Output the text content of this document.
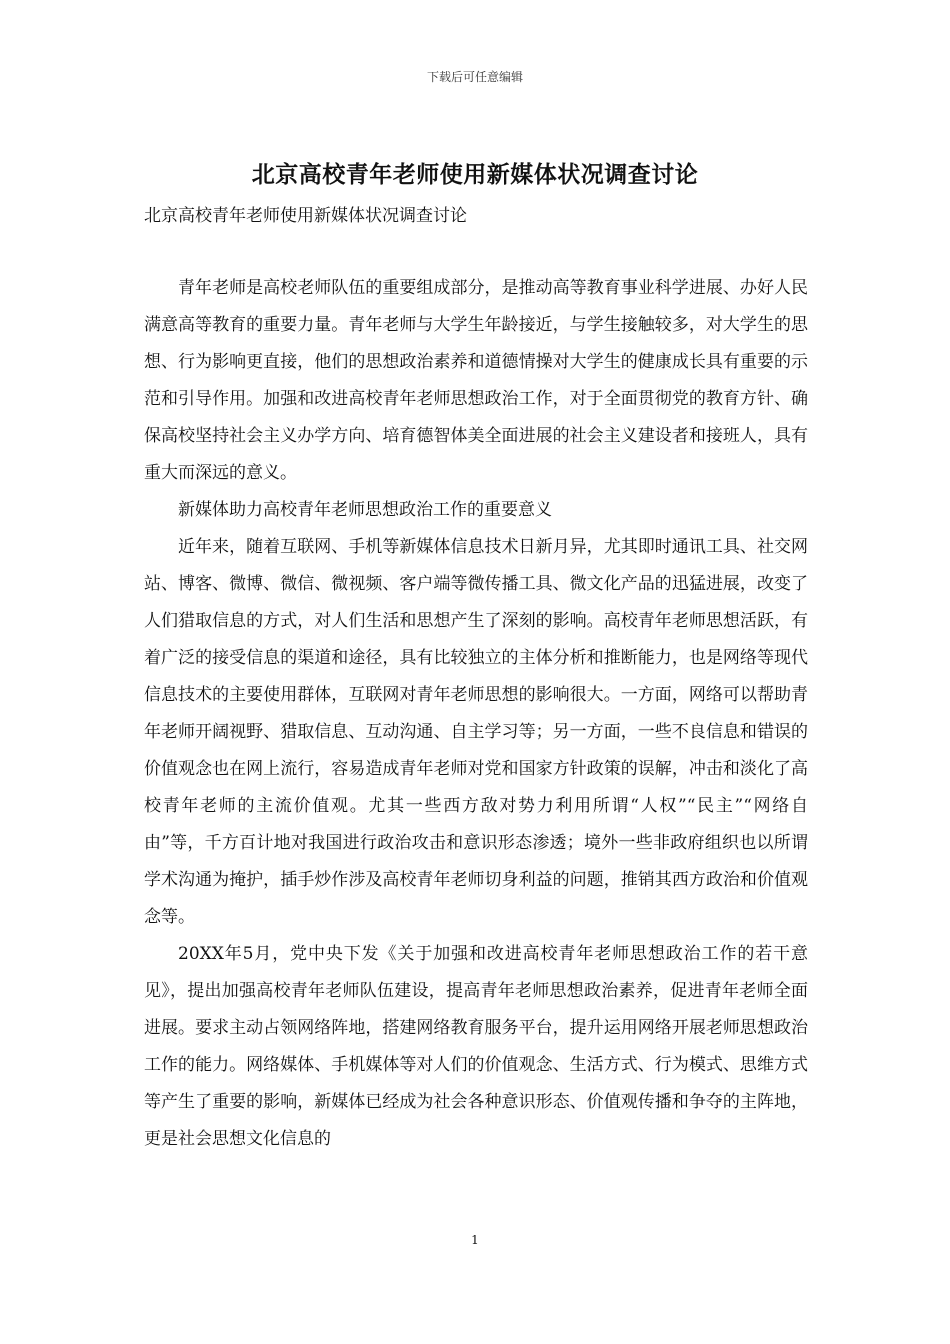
下载后可任意编辑
北京高校青年老师使用新媒体状况调查讨论

北京高校青年老师使用新媒体状况调查讨论

青年老师是高校老师队伍的重要组成部分，是推动高等教育事业科学进展、办好人民满意高等教育的重要力量。青年老师与大学生年龄接近，与学生接触较多，对大学生的思想、行为影响更直接，他们的思想政治素养和道德情操对大学生的健康成长具有重要的示范和引导作用。加强和改进高校青年老师思想政治工作，对于全面贯彻党的教育方针、确保高校坚持社会主义办学方向、培育德智体美全面进展的社会主义建设者和接班人，具有重大而深远的意义。

新媒体助力高校青年老师思想政治工作的重要意义

近年来，随着互联网、手机等新媒体信息技术日新月异，尤其即时通讯工具、社交网站、博客、微博、微信、微视频、客户端等微传播工具、微文化产品的迅猛进展，改变了人们猎取信息的方式，对人们生活和思想产生了深刻的影响。高校青年老师思想活跃，有着广泛的接受信息的渠道和途径，具有比较独立的主体分析和推断能力，也是网络等现代信息技术的主要使用群体，互联网对青年老师思想的影响很大。一方面，网络可以帮助青年老师开阔视野、猎取信息、互动沟通、自主学习等；另一方面，一些不良信息和错误的价值观念也在网上流行，容易造成青年老师对党和国家方针政策的误解，冲击和淡化了高校青年老师的主流价值观。尤其一些西方敌对势力利用所谓“人权”“民主”“网络自由”等，千方百计地对我国进行政治攻击和意识形态渗透；境外一些非政府组织也以所谓学术沟通为掩护，插手炒作涉及高校青年老师切身利益的问题，推销其西方政治和价值观念等。

20XX年5月，党中央下发《关于加强和改进高校青年老师思想政治工作的若干意见》，提出加强高校青年老师队伍建设，提高青年老师思想政治素养，促进青年老师全面进展。要求主动占领网络阵地，搭建网络教育服务平台，提升运用网络开展老师思想政治工作的能力。网络媒体、手机媒体等对人们的价值观念、生活方式、行为模式、思维方式等产生了重要的影响，新媒体已经成为社会各种意识形态、价值观传播和争夺的主阵地，更是社会思想文化信息的

1
